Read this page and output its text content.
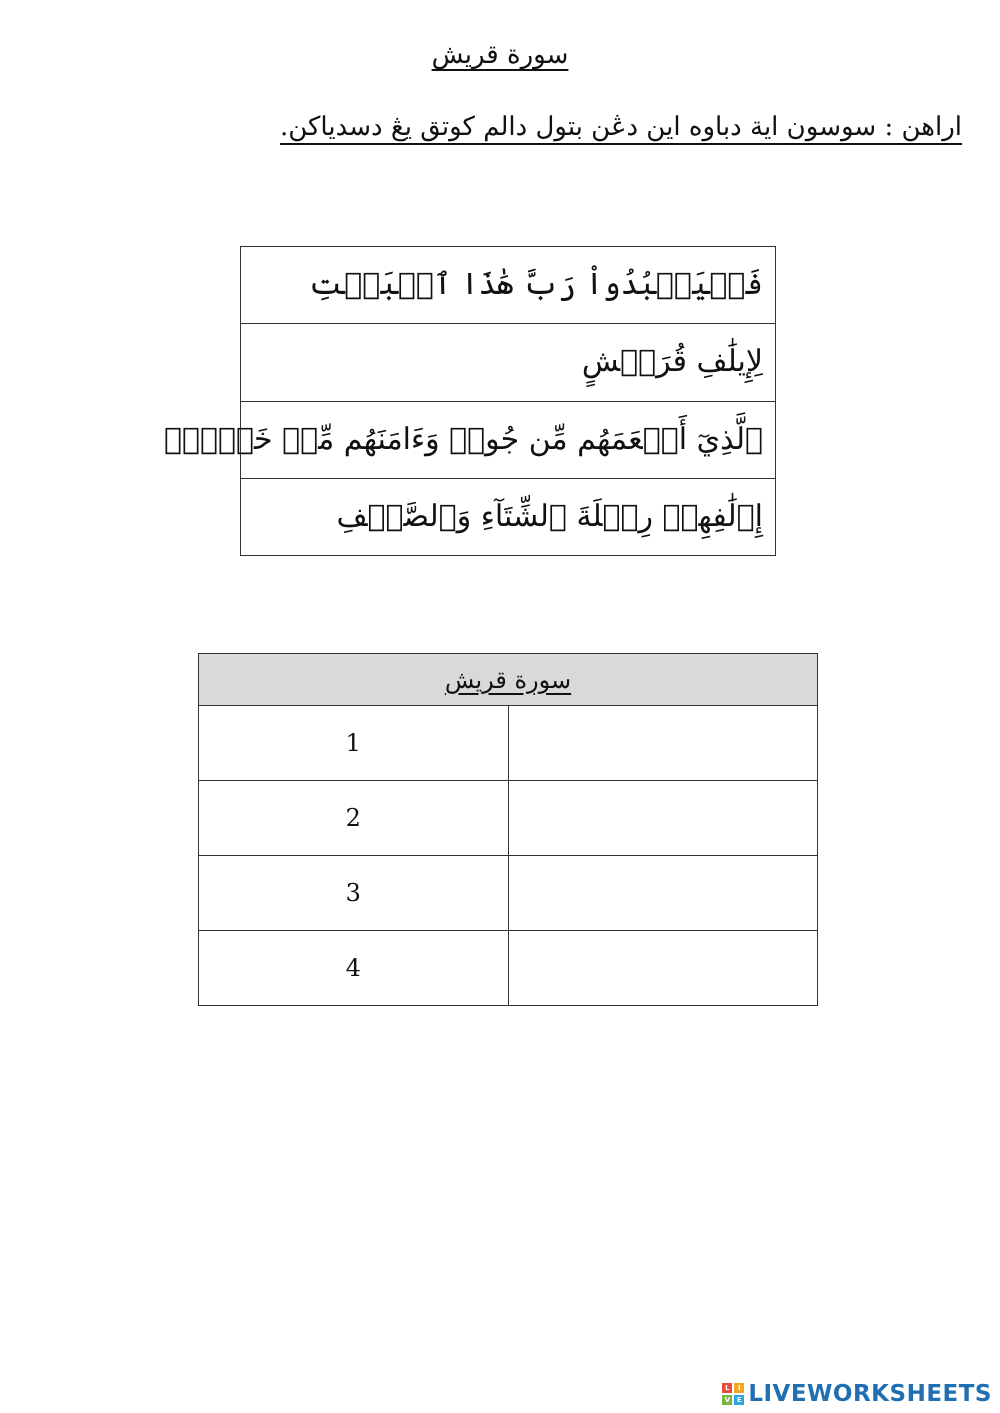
سورة قريش
اراهن : سوسون اية دباوه اين دڠن بتول دالم کوتق يڠ دسدياکن.
فَلۡيَعۡبُدُواْ رَبَّ هَٰذَا ٱلۡبَيۡتِ
لِإِيلَٰفِ قُرَيۡشٍ
ٱلَّذِيٓ أَطۡعَمَهُم مِّن جُوعٖ وَءَامَنَهُم مِّنۡ خَوۡفِۭ
إِۦلَٰفِهِمۡ رِحۡلَةَ ٱلشِّتَآءِ وَٱلصَّيۡفِ
سورة قريش	
1	
2	
3	
4	
L	I
V E LIVEWORKSHEETS
